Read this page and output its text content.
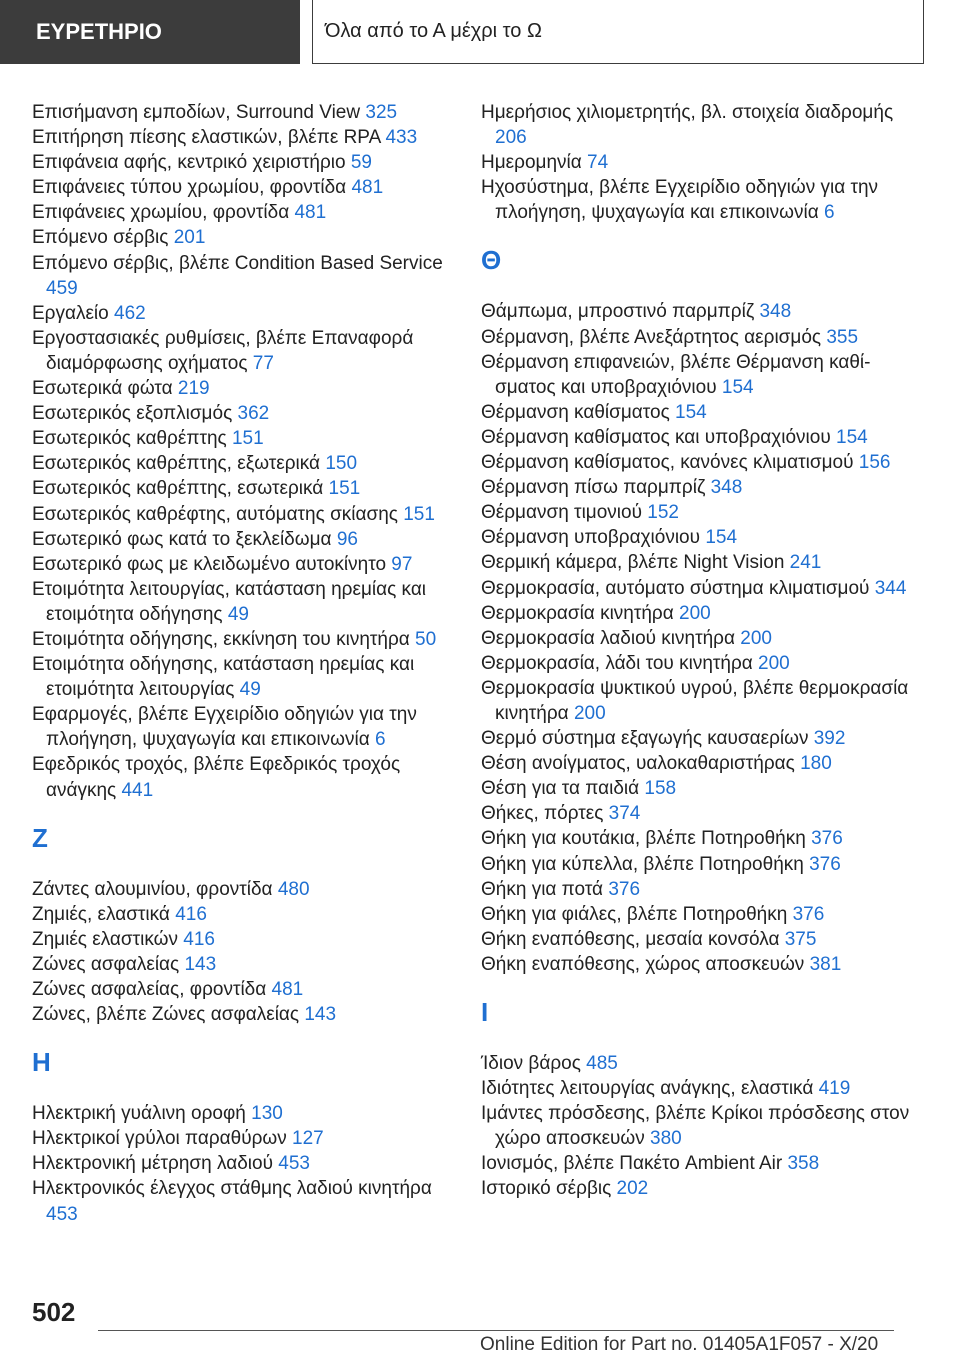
ΕΥΡΕΤΗΡΙΟ	Όλα από το Α μέχρι το Ω
Επισήμανση εμποδίων, Surround View 325
Επιτήρηση πίεσης ελαστικών, βλέπε RPA 433
Επιφάνεια αφής, κεντρικό χειριστήριο 59
Επιφάνειες τύπου χρωμίου, φροντίδα 481
Επιφάνειες χρωμίου, φροντίδα 481
Επόμενο σέρβις 201
Επόμενο σέρβις, βλέπε Condition Based Service 459
Εργαλείο 462
Εργοστασιακές ρυθμίσεις, βλέπε Επαναφορά διαμόρφωσης οχήματος 77
Εσωτερικά φώτα 219
Εσωτερικός εξοπλισμός 362
Εσωτερικός καθρέπτης 151
Εσωτερικός καθρέπτης, εξωτερικά 150
Εσωτερικός καθρέπτης, εσωτερικά 151
Εσωτερικός καθρέφτης, αυτόματης σκίασης 151
Εσωτερικό φως κατά το ξεκλείδωμα 96
Εσωτερικό φως με κλειδωμένο αυτοκίνητο 97
Ετοιμότητα λειτουργίας, κατάσταση ηρεμίας και ετοιμότητα οδήγησης 49
Ετοιμότητα οδήγησης, εκκίνηση του κινητήρα 50
Ετοιμότητα οδήγησης, κατάσταση ηρεμίας και ετοιμότητα λειτουργίας 49
Εφαρμογές, βλέπε Εγχειρίδιο οδηγιών για την πλοήγηση, ψυχαγωγία και επικοινωνία 6
Εφεδρικός τροχός, βλέπε Εφεδρικός τροχός ανάγκης 441
Ζ
Ζάντες αλουμινίου, φροντίδα 480
Ζημιές, ελαστικά 416
Ζημιές ελαστικών 416
Ζώνες ασφαλείας 143
Ζώνες ασφαλείας, φροντίδα 481
Ζώνες, βλέπε Ζώνες ασφαλείας 143
Η
Ηλεκτρική γυάλινη οροφή 130
Ηλεκτρικοί γρύλοι παραθύρων 127
Ηλεκτρονική μέτρηση λαδιού 453
Ηλεκτρονικός έλεγχος στάθμης λαδιού κινητήρα 453
Ημερήσιος χιλιομετρητής, βλ. στοιχεία διαδρομής 206
Ημερομηνία 74
Ηχοσύστημα, βλέπε Εγχειρίδιο οδηγιών για την πλοήγηση, ψυχαγωγία και επικοινωνία 6
Θ
Θάμπωμα, μπροστινό παρμπρίζ 348
Θέρμανση, βλέπε Ανεξάρτητος αερισμός 355
Θέρμανση επιφανειών, βλέπε Θέρμανση καθίσματος και υποβραχιόνιου 154
Θέρμανση καθίσματος 154
Θέρμανση καθίσματος και υποβραχιόνιου 154
Θέρμανση καθίσματος, κανόνες κλιματισμού 156
Θέρμανση πίσω παρμπρίζ 348
Θέρμανση τιμονιού 152
Θέρμανση υποβραχιόνιου 154
Θερμική κάμερα, βλέπε Night Vision 241
Θερμοκρασία, αυτόματο σύστημα κλιματισμού 344
Θερμοκρασία κινητήρα 200
Θερμοκρασία λαδιού κινητήρα 200
Θερμοκρασία, λάδι του κινητήρα 200
Θερμοκρασία ψυκτικού υγρού, βλέπε θερμοκρασία κινητήρα 200
Θερμό σύστημα εξαγωγής καυσαερίων 392
Θέση ανοίγματος, υαλοκαθαριστήρας 180
Θέση για τα παιδιά 158
Θήκες, πόρτες 374
Θήκη για κουτάκια, βλέπε Ποτηροθήκη 376
Θήκη για κύπελλα, βλέπε Ποτηροθήκη 376
Θήκη για ποτά 376
Θήκη για φιάλες, βλέπε Ποτηροθήκη 376
Θήκη εναπόθεσης, μεσαία κονσόλα 375
Θήκη εναπόθεσης, χώρος αποσκευών 381
Ι
Ίδιον βάρος 485
Ιδιότητες λειτουργίας ανάγκης, ελαστικά 419
Ιμάντες πρόσδεσης, βλέπε Κρίκοι πρόσδεσης στον χώρο αποσκευών 380
Ιονισμός, βλέπε Πακέτο Ambient Air 358
Ιστορικό σέρβις 202
502
Online Edition for Part no. 01405A1F057 - X/20
